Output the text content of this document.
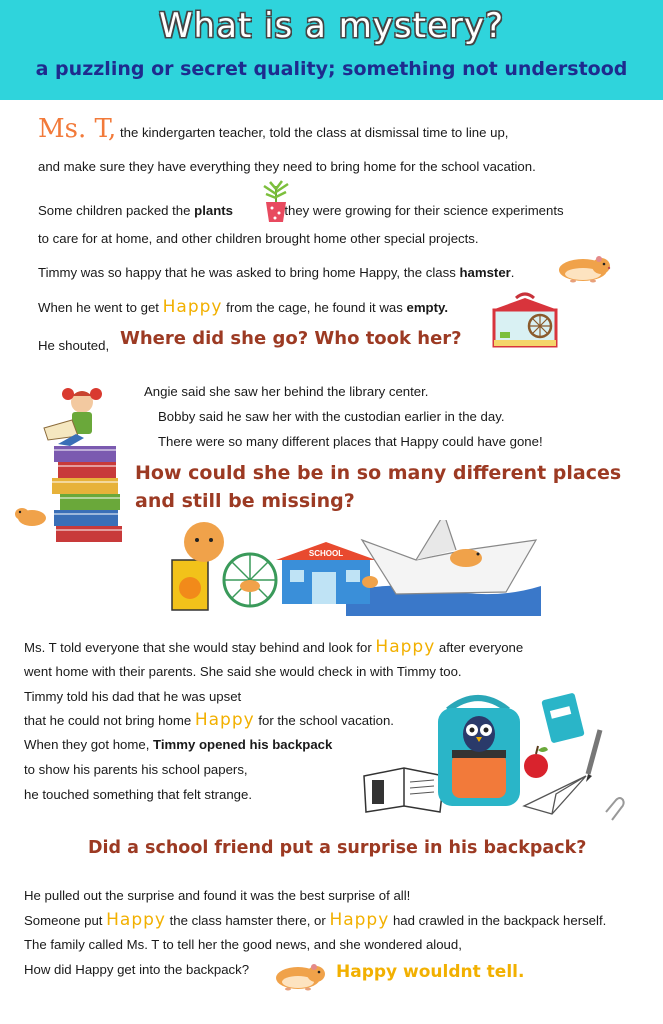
What is a mystery?
a puzzling or secret quality; something not understood
Ms. T, the kindergarten teacher, told the class at dismissal time to line up,
and make sure they have everything they need to bring home for the school vacation.
Some children packed the plants	they were growing for their science experiments
to care for at home, and other children brought home other special projects.
Timmy was so happy that he was asked to bring home Happy, the class hamster.
When he went to get Happy from the cage, he found it was empty.
He shouted, Where did she go? Who took her?
Angie said she saw her behind the library center.
Bobby said he saw her with the custodian earlier in the day.
There were so many different places that Happy could have gone!
How could she be in so many different places
and still be missing?
SCHOOL
Ms. T told everyone that she would stay behind and look for Happy after everyone
went home with their parents. She said she would check in with Timmy too.
Timmy told his dad that he was upset
that he could not bring home Happy for the school vacation.
When they got home, Timmy opened his backpack
to show his parents his school papers,
he touched something that felt strange.
Did a school friend put a surprise in his backpack?
He pulled out the surprise and found it was the best surprise of all!
Someone put Happy the class hamster there, or Happy had crawled in the backpack herself.
The family called Ms. T to tell her the good news, and she wondered aloud,
How did Happy get into the backpack?	Happy wouldnt tell.
